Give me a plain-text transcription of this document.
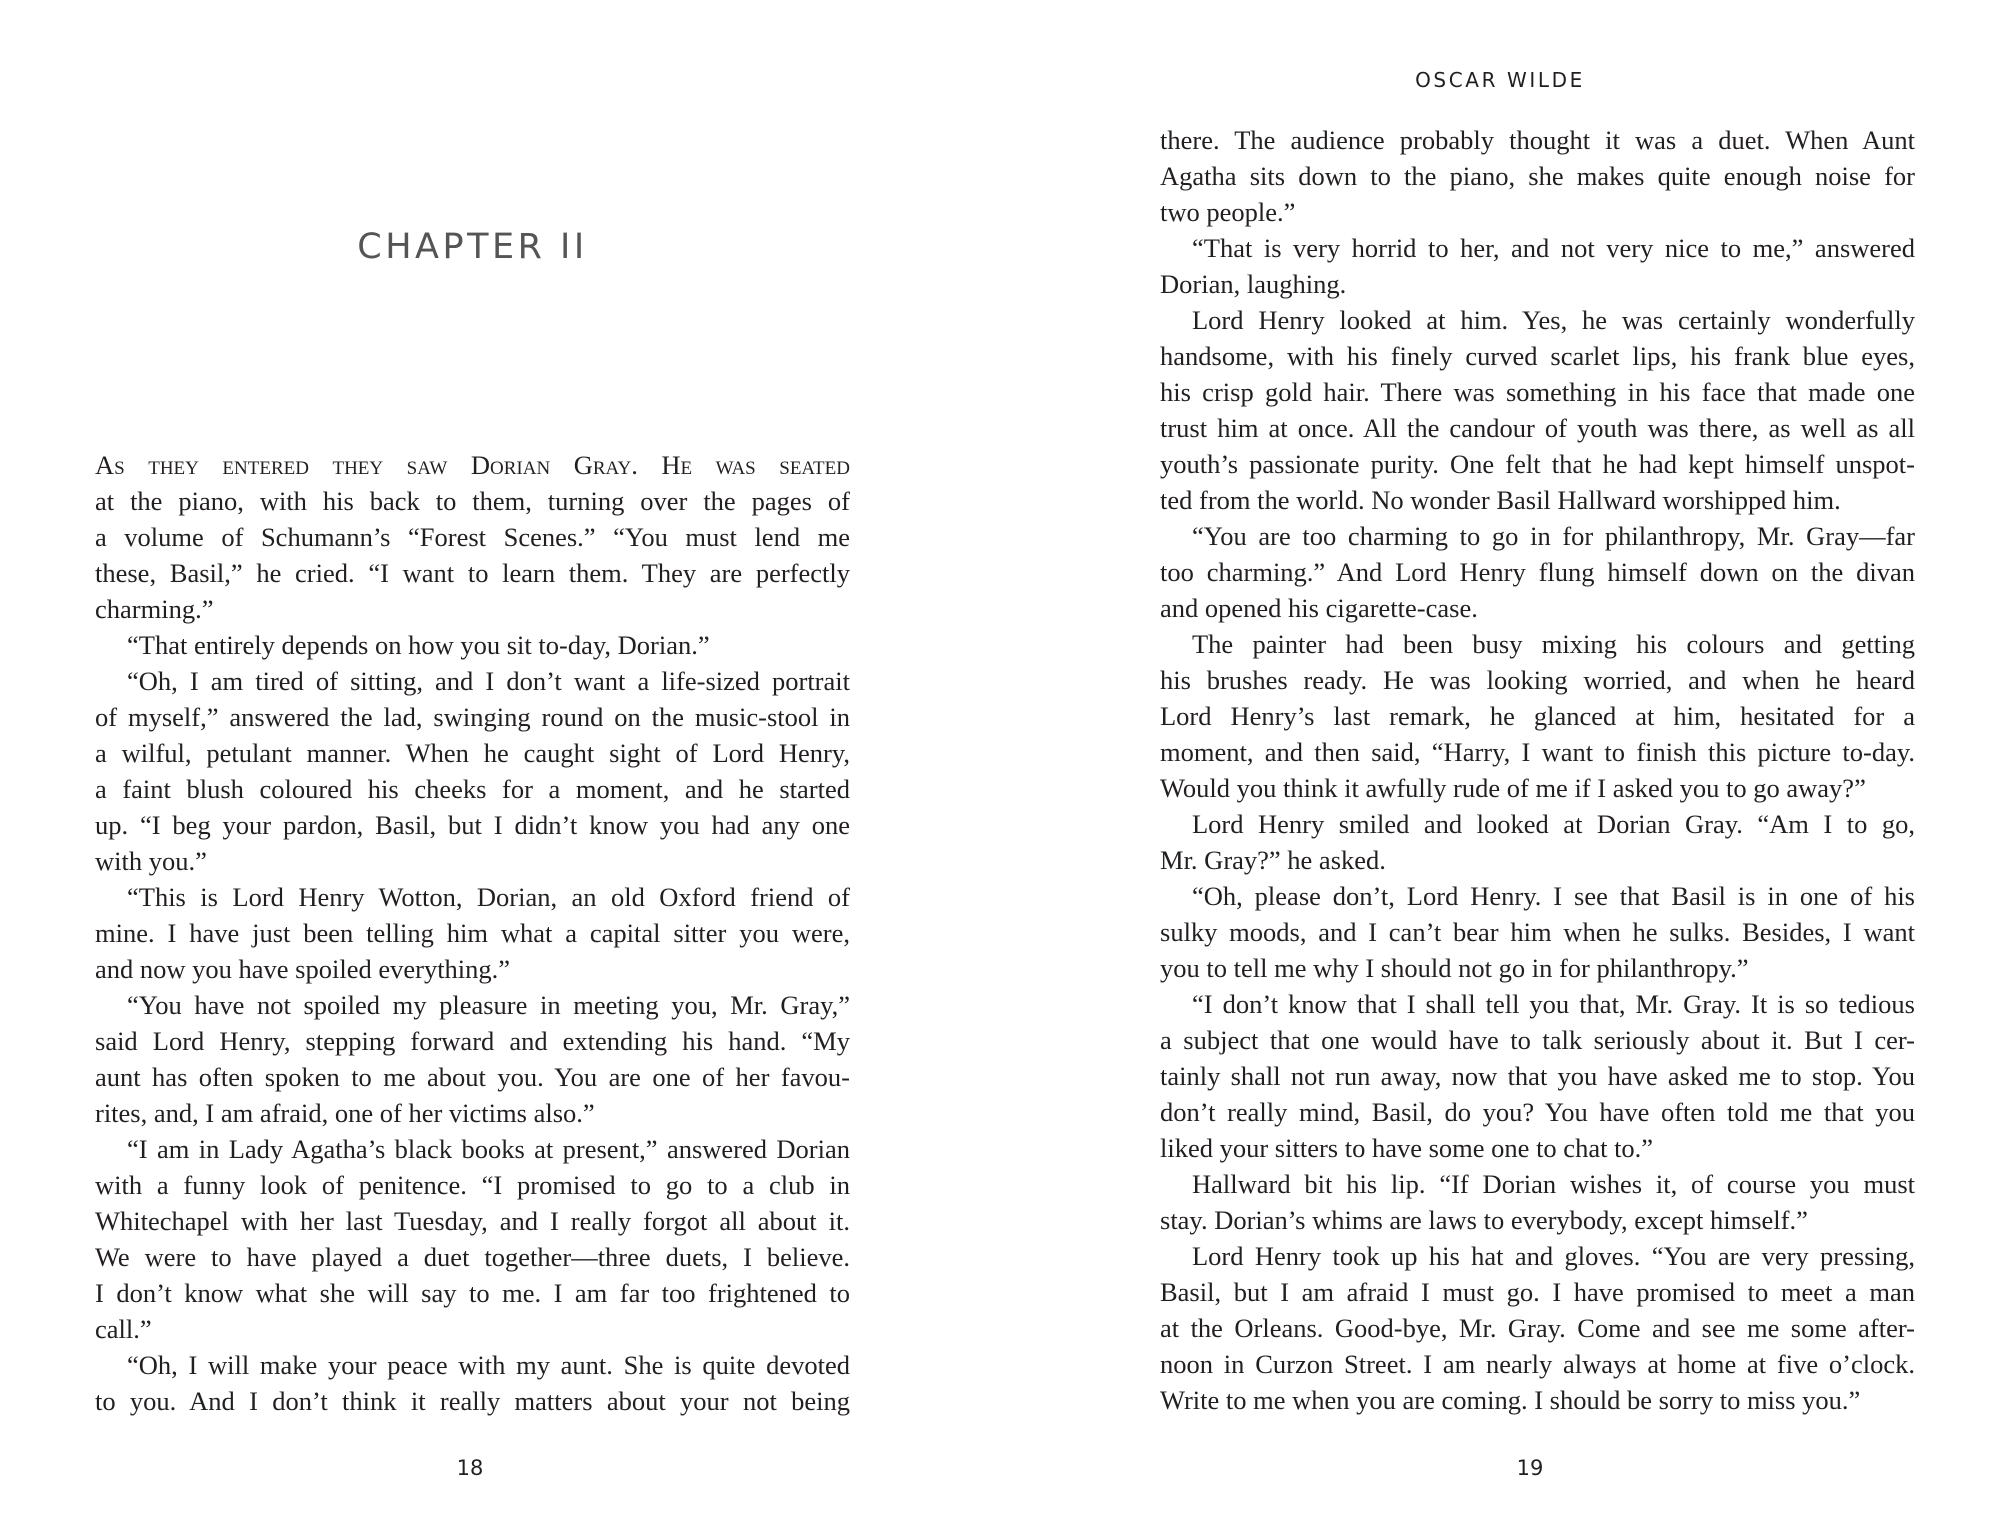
CHAPTER II
As they entered they saw Dorian Gray. He was seated
at the piano, with his back to them, turning over the pages of
a volume of Schumann’s “Forest Scenes.” “You must lend me
these, Basil,” he cried. “I want to learn them. They are perfectly
charming.”
“That entirely depends on how you sit to-day, Dorian.”
“Oh, I am tired of sitting, and I don’t want a life-sized portrait
of myself,” answered the lad, swinging round on the music-stool in
a wilful, petulant manner. When he caught sight of Lord Henry,
a faint blush coloured his cheeks for a moment, and he started
up. “I beg your pardon, Basil, but I didn’t know you had any one
with you.”
“This is Lord Henry Wotton, Dorian, an old Oxford friend of
mine. I have just been telling him what a capital sitter you were,
and now you have spoiled everything.”
“You have not spoiled my pleasure in meeting you, Mr. Gray,”
said Lord Henry, stepping forward and extending his hand. “My
aunt has often spoken to me about you. You are one of her favou-
rites, and, I am afraid, one of her victims also.”
“I am in Lady Agatha’s black books at present,” answered Dorian
with a funny look of penitence. “I promised to go to a club in
Whitechapel with her last Tuesday, and I really forgot all about it.
We were to have played a duet together—three duets, I believe.
I don’t know what she will say to me. I am far too frightened to
call.”
“Oh, I will make your peace with my aunt. She is quite devoted
to you. And I don’t think it really matters about your not being
18
OSCAR WILDE
there. The audience probably thought it was a duet. When Aunt
Agatha sits down to the piano, she makes quite enough noise for
two people.”
“That is very horrid to her, and not very nice to me,” answered
Dorian, laughing.
Lord Henry looked at him. Yes, he was certainly wonderfully
handsome, with his finely curved scarlet lips, his frank blue eyes,
his crisp gold hair. There was something in his face that made one
trust him at once. All the candour of youth was there, as well as all
youth’s passionate purity. One felt that he had kept himself unspot-
ted from the world. No wonder Basil Hallward worshipped him.
“You are too charming to go in for philanthropy, Mr. Gray—far
too charming.” And Lord Henry flung himself down on the divan
and opened his cigarette-case.
The painter had been busy mixing his colours and getting
his brushes ready. He was looking worried, and when he heard
Lord Henry’s last remark, he glanced at him, hesitated for a
moment, and then said, “Harry, I want to finish this picture to-day.
Would you think it awfully rude of me if I asked you to go away?”
Lord Henry smiled and looked at Dorian Gray. “Am I to go,
Mr. Gray?” he asked.
“Oh, please don’t, Lord Henry. I see that Basil is in one of his
sulky moods, and I can’t bear him when he sulks. Besides, I want
you to tell me why I should not go in for philanthropy.”
“I don’t know that I shall tell you that, Mr. Gray. It is so tedious
a subject that one would have to talk seriously about it. But I cer-
tainly shall not run away, now that you have asked me to stop. You
don’t really mind, Basil, do you? You have often told me that you
liked your sitters to have some one to chat to.”
Hallward bit his lip. “If Dorian wishes it, of course you must
stay. Dorian’s whims are laws to everybody, except himself.”
Lord Henry took up his hat and gloves. “You are very pressing,
Basil, but I am afraid I must go. I have promised to meet a man
at the Orleans. Good-bye, Mr. Gray. Come and see me some after-
noon in Curzon Street. I am nearly always at home at five o’clock.
Write to me when you are coming. I should be sorry to miss you.”
19
